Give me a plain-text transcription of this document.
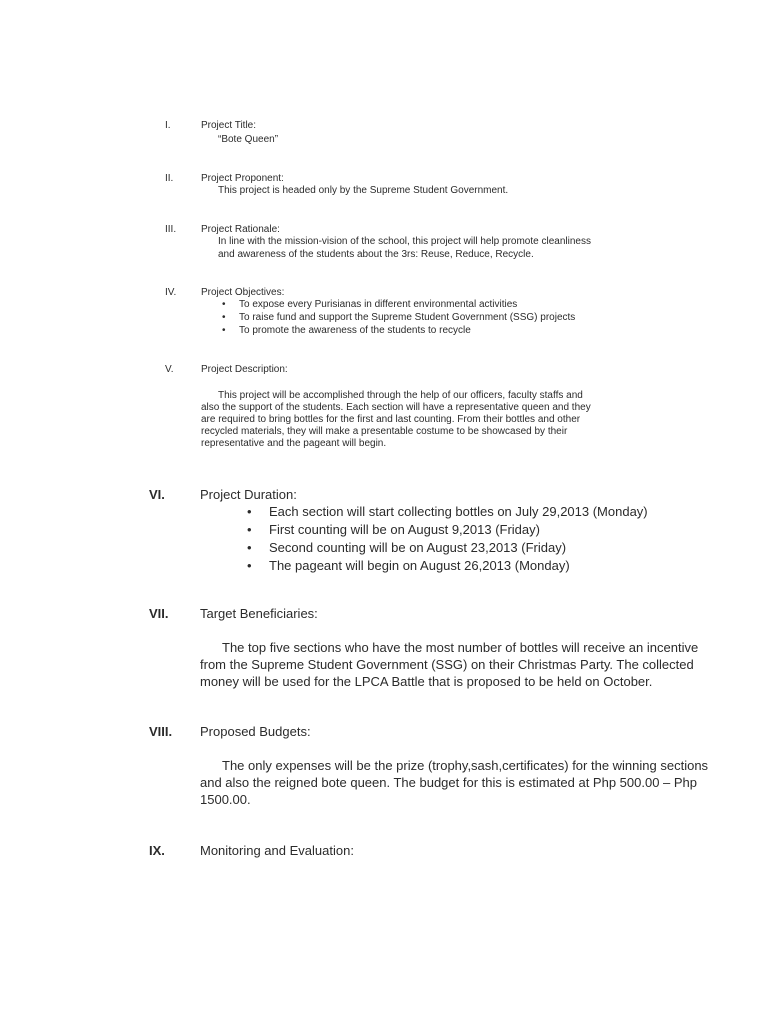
I.	Project Title:
“Bote Queen”
II.	Project Proponent:
This project is headed only by the Supreme Student Government.
III. Project Rationale:
In line with the mission-vision of the school, this project will help promote cleanliness
and awareness of the students about the 3rs: Reuse, Reduce, Recycle.
IV. Project Objectives:
• To expose every Purisianas in different environmental activities
• To raise fund and support the Supreme Student Government (SSG) projects
• To promote the awareness of the students to recycle
V.	Project Description:
This project will be accomplished through the help of our officers, faculty staffs and
also the support of the students. Each section will have a representative queen and they
are required to bring bottles for the first and last counting. From their bottles and other
recycled materials, they will make a presentable costume to be showcased by their
representative and the pageant will begin.
VI.	Project Duration:
• Each section will start collecting bottles on July 29,2013 (Monday)
• First counting will be on August 9,2013 (Friday)
• Second counting will be on August 23,2013 (Friday)
• The pageant will begin on August 26,2013 (Monday)
VII. Target Beneficiaries:
The top five sections who have the most number of bottles will receive an incentive
from the Supreme Student Government (SSG) on their Christmas Party. The collected
money will be used for the LPCA Battle that is proposed to be held on October.
VIII. Proposed Budgets:
The only expenses will be the prize (trophy,sash,certificates) for the winning sections
and also the reigned bote queen. The budget for this is estimated at Php 500.00 – Php
1500.00.
IX.	Monitoring and Evaluation:
